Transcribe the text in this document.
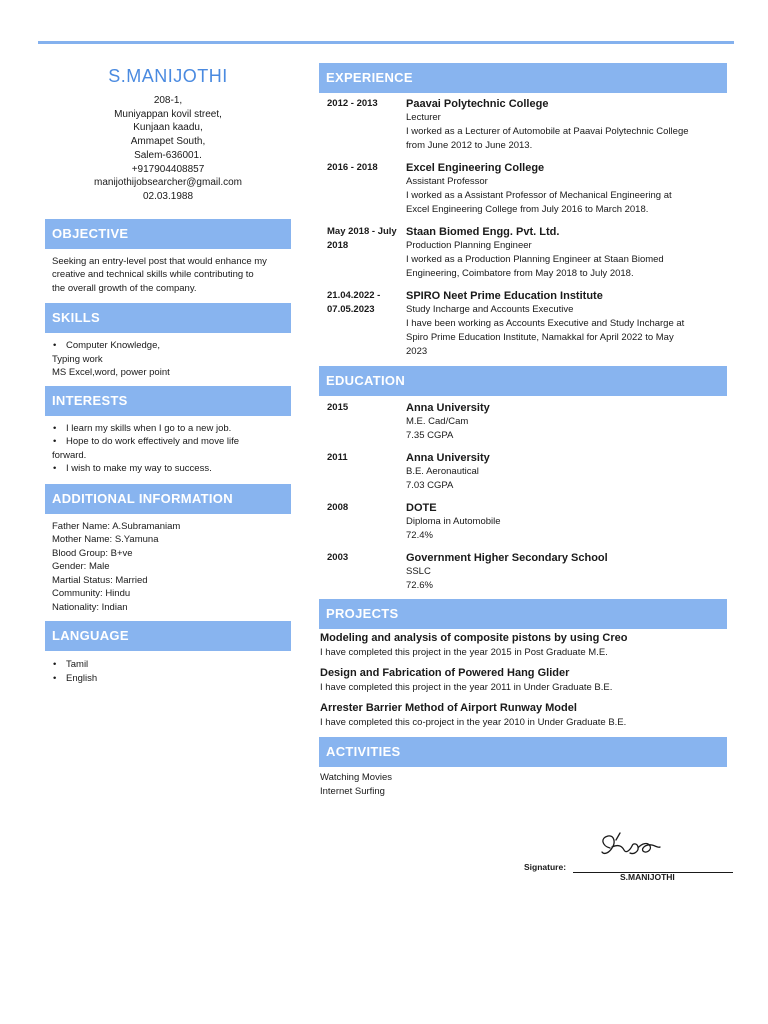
S.MANIJOTHI
208-1,
Muniyappan kovil street,
Kunjaan kaadu,
Ammapet South,
Salem-636001.
+917904408857
manijothijobsearcher@gmail.com
02.03.1988
OBJECTIVE
Seeking an entry-level post that would enhance my
creative and technical skills while contributing to
the overall growth of the company.
SKILLS
• Computer Knowledge,
Typing work
MS Excel,word, power point
INTERESTS
• I learn my skills when I go to a new job.
• Hope to do work effectively and move life
forward.
• I wish to make my way to success.
ADDITIONAL INFORMATION
Father Name: A.Subramaniam
Mother Name: S.Yamuna
Blood Group: B+ve
Gender: Male
Martial Status: Married
Community: Hindu
Nationality: Indian
LANGUAGE
• Tamil
• English
EXPERIENCE
2012 - 2013	Paavai Polytechnic College
Lecturer
I worked as a Lecturer of Automobile at Paavai Polytechnic College
from June 2012 to June 2013.
2016 - 2018	Excel Engineering College
Assistant Professor
I worked as a Assistant Professor of Mechanical Engineering at
Excel Engineering College from July 2016 to March 2018.
May 2018 - July
2018
Staan Biomed Engg. Pvt. Ltd.
Production Planning Engineer
I worked as a Production Planning Engineer at Staan Biomed
Engineering, Coimbatore from May 2018 to July 2018.
21.04.2022 -
07.05.2023
SPIRO Neet Prime Education Institute
Study Incharge and Accounts Executive
I have been working as Accounts Executive and Study Incharge at
Spiro Prime Education Institute, Namakkal for April 2022 to May
2023
EDUCATION
2015	Anna University
M.E. Cad/Cam
7.35 CGPA
2011	Anna University
B.E. Aeronautical
7.03 CGPA
2008	DOTE
Diploma in Automobile
72.4%
2003	Government Higher Secondary School
SSLC
72.6%
PROJECTS
Modeling and analysis of composite pistons by using Creo
I have completed this project in the year 2015 in Post Graduate M.E.
Design and Fabrication of Powered Hang Glider
I have completed this project in the year 2011 in Under Graduate B.E.
Arrester Barrier Method of Airport Runway Model
I have completed this co-project in the year 2010 in Under Graduate B.E.
ACTIVITIES
Watching Movies
Internet Surfing
Signature:
S.MANIJOTHI
